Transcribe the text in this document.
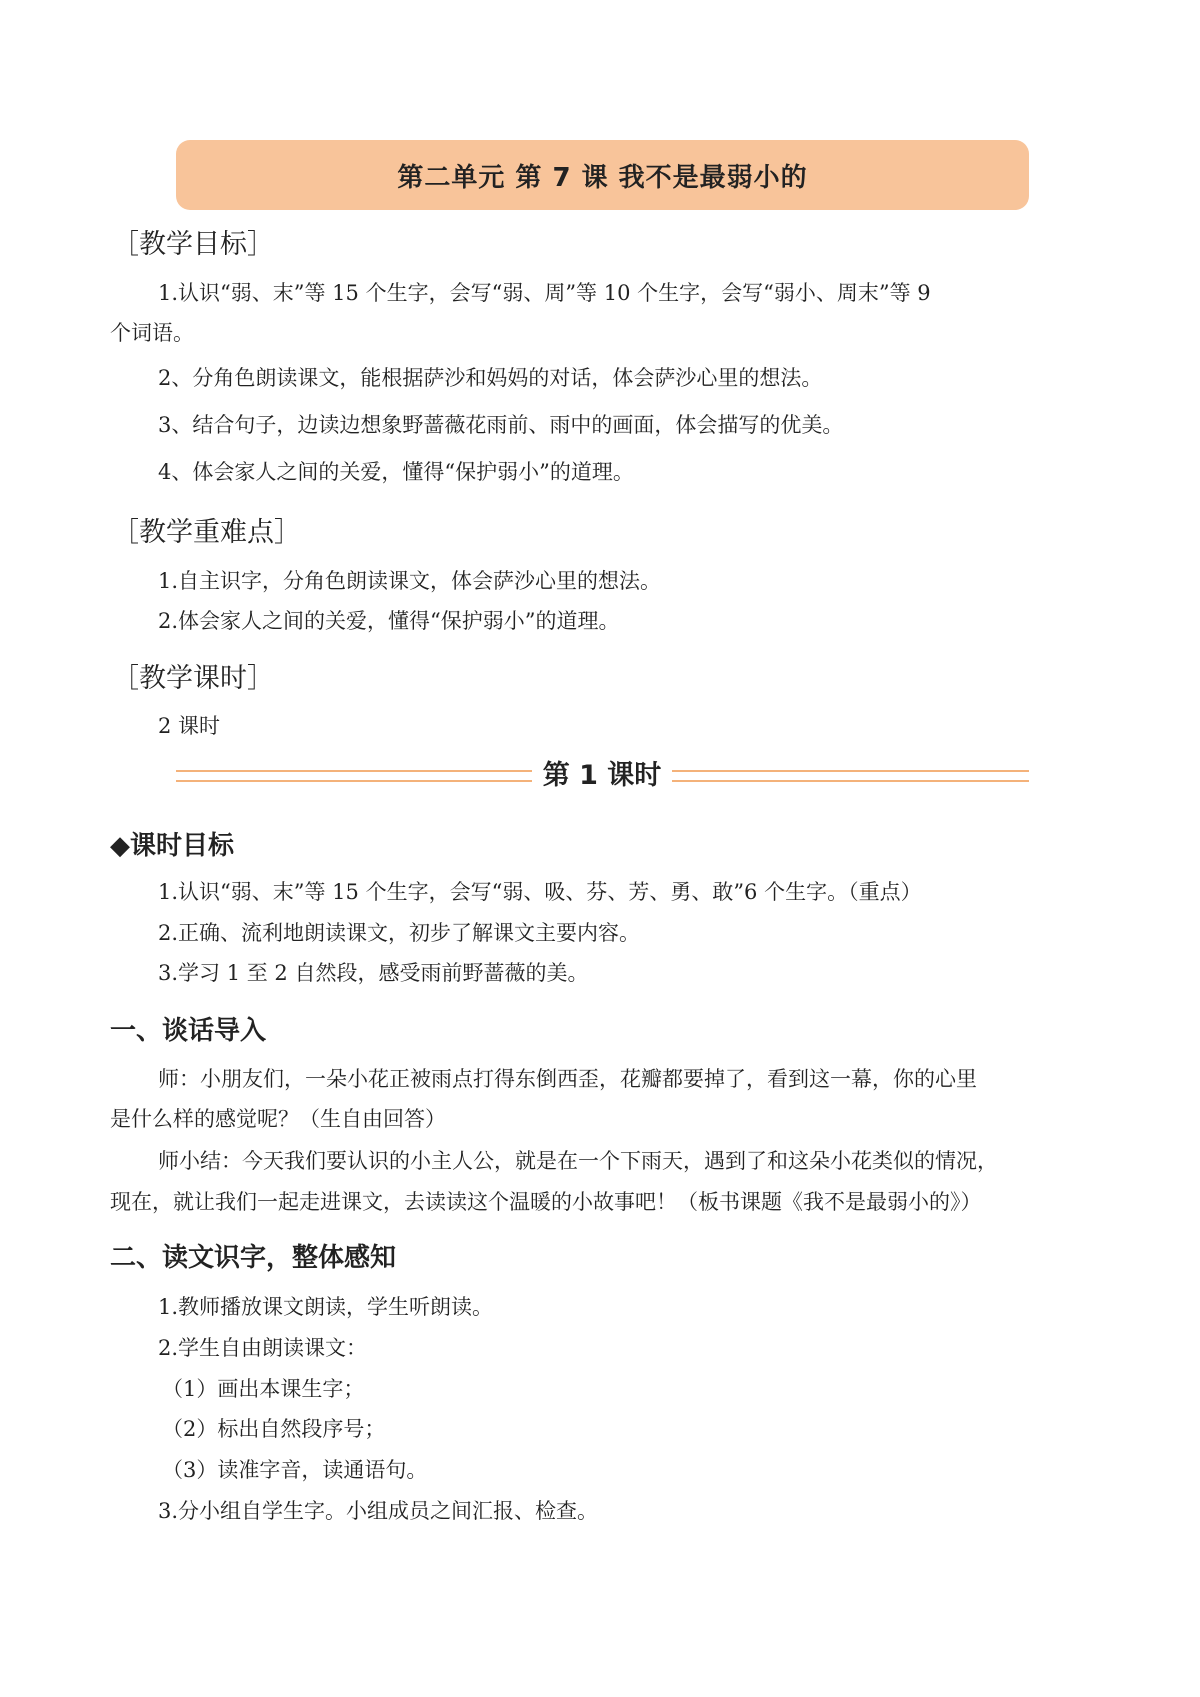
第二单元 第 7 课 我不是最弱小的
［教学目标］
1.认识“弱、末”等 15 个生字，会写“弱、周”等 10 个生字，会写“弱小、周末”等 9
个词语。
2、分角色朗读课文，能根据萨沙和妈妈的对话，体会萨沙心里的想法。
3、结合句子，边读边想象野蔷薇花雨前、雨中的画面，体会描写的优美。
4、体会家人之间的关爱，懂得“保护弱小”的道理。
［教学重难点］
1.自主识字，分角色朗读课文，体会萨沙心里的想法。
2.体会家人之间的关爱，懂得“保护弱小”的道理。
［教学课时］
2 课时
第 1 课时
◆课时目标
1.认识“弱、末”等 15 个生字，会写“弱、吸、芬、芳、勇、敢”6 个生字。（重点）
2.正确、流利地朗读课文，初步了解课文主要内容。
3.学习 1 至 2 自然段，感受雨前野蔷薇的美。
一、谈话导入
师：小朋友们，一朵小花正被雨点打得东倒西歪，花瓣都要掉了，看到这一幕，你的心里
是什么样的感觉呢？（生自由回答）
师小结：今天我们要认识的小主人公，就是在一个下雨天，遇到了和这朵小花类似的情况，
现在，就让我们一起走进课文，去读读这个温暖的小故事吧！（板书课题《我不是最弱小的》）
二、读文识字，整体感知
1.教师播放课文朗读，学生听朗读。
2.学生自由朗读课文：
（1）画出本课生字；
（2）标出自然段序号；
（3）读准字音，读通语句。
3.分小组自学生字。小组成员之间汇报、检查。
